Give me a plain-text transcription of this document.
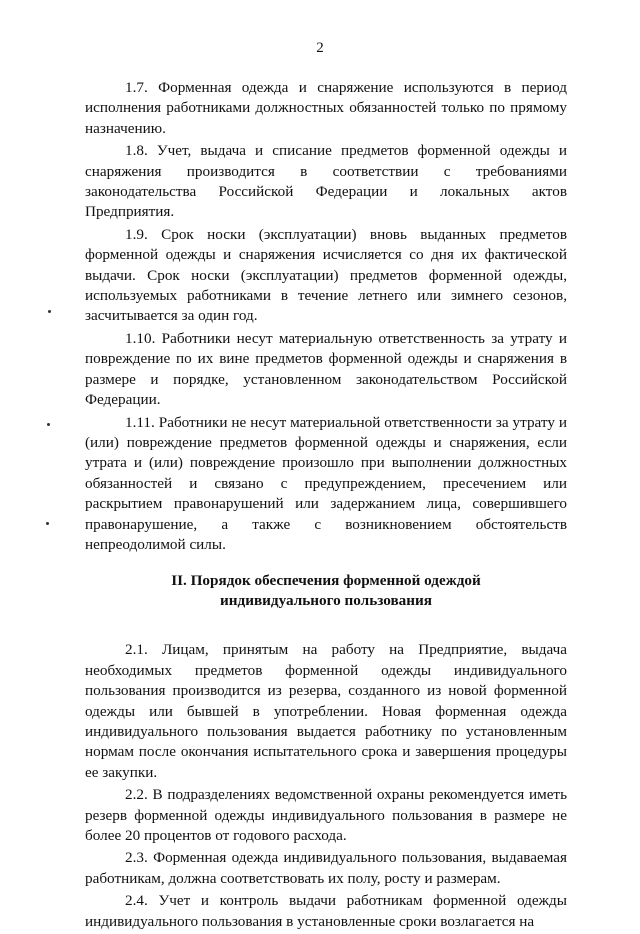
2

1.7. Форменная одежда и снаряжение используются в период исполнения работниками должностных обязанностей только по прямому назначению.

1.8. Учет, выдача и списание предметов форменной одежды и снаряжения производится в соответствии с требованиями законодательства Российской Федерации и локальных актов Предприятия.

1.9. Срок носки (эксплуатации) вновь выданных предметов форменной одежды и снаряжения исчисляется со дня их фактической выдачи. Срок носки (эксплуатации) предметов форменной одежды, используемых работниками в течение летнего или зимнего сезонов, засчитывается за один год.

1.10. Работники несут материальную ответственность за утрату и повреждение по их вине предметов форменной одежды и снаряжения в размере и порядке, установленном законодательством Российской Федерации.

1.11. Работники не несут материальной ответственности за утрату и (или) повреждение предметов форменной одежды и снаряжения, если утрата и (или) повреждение произошло при выполнении должностных обязанностей и связано с предупреждением, пресечением или раскрытием правонарушений или задержанием лица, совершившего правонарушение, а также с возникновением обстоятельств непреодолимой силы.

II. Порядок обеспечения форменной одеждой
индивидуального пользования

2.1. Лицам, принятым на работу на Предприятие, выдача необходимых предметов форменной одежды индивидуального пользования производится из резерва, созданного из новой форменной одежды или бывшей в употреблении. Новая форменная одежда индивидуального пользования выдается работнику по установленным нормам после окончания испытательного срока и завершения процедуры ее закупки.

2.2. В подразделениях ведомственной охраны рекомендуется иметь резерв форменной одежды индивидуального пользования в размере не более 20 процентов от годового расхода.

2.3. Форменная одежда индивидуального пользования, выдаваемая работникам, должна соответствовать их полу, росту и размерам.

2.4. Учет и контроль выдачи работникам форменной одежды индивидуального пользования в установленные сроки возлагается на
